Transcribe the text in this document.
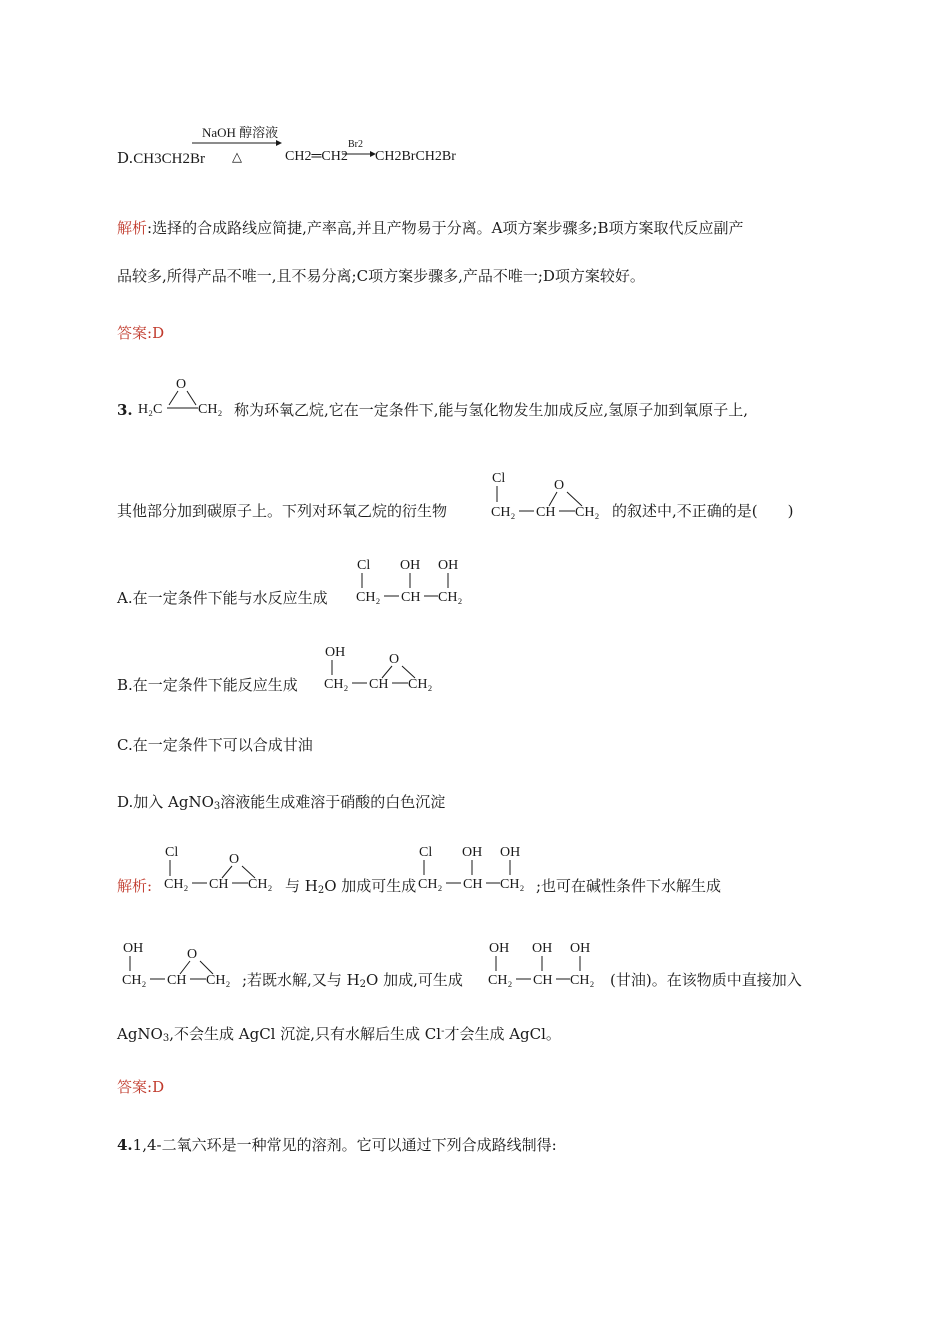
D.CH3CH2Br
NaOH 醇溶液
△	CH2═CH2
Br2
CH2BrCH2Br
解析:选择的合成路线应简捷,产率高,并且产物易于分离。A项方案步骤多;B项方案取代反应副产
品较多,所得产品不唯一,且不易分离;C项方案步骤多,产品不唯一;D项方案较好。
答案:D
3.
O
H₂C	CH₂ 称为环氧乙烷,它在一定条件下,能与氢化物发生加成反应,氢原子加到氧原子上,
其他部分加到碳原子上。下列对环氧乙烷的衍生物
Cl	O
CH₂ CH CH₂ 的叙述中,不正确的是(　　)
A.在一定条件下能与水反应生成
Cl OH OH
CH₂ CH CH₂
B.在一定条件下能反应生成
OH	O
CH₂ CH CH₂
C.在一定条件下可以合成甘油
D.加入 AgNO$_3$溶液能生成难溶于硝酸的白色沉淀
解析:
Cl	O
CH₂ CH CH₂ 与 $H_2O$ 加成可生成
Cl OH OH
CH₂ CH CH₂ ;也可在碱性条件下水解生成
OH	O
CH₂ CH CH₂ ;若既水解,又与 $H_2O$ 加成,可生成
OH OH OH
CH₂ CH CH₂ (甘油)。在该物质中直接加入
AgNO$_3$,不会生成 AgCl 沉淀,只有水解后生成 Cl-才会生成 AgCl。
答案:D
4.1,4-二氧六环是一种常见的溶剂。它可以通过下列合成路线制得:
